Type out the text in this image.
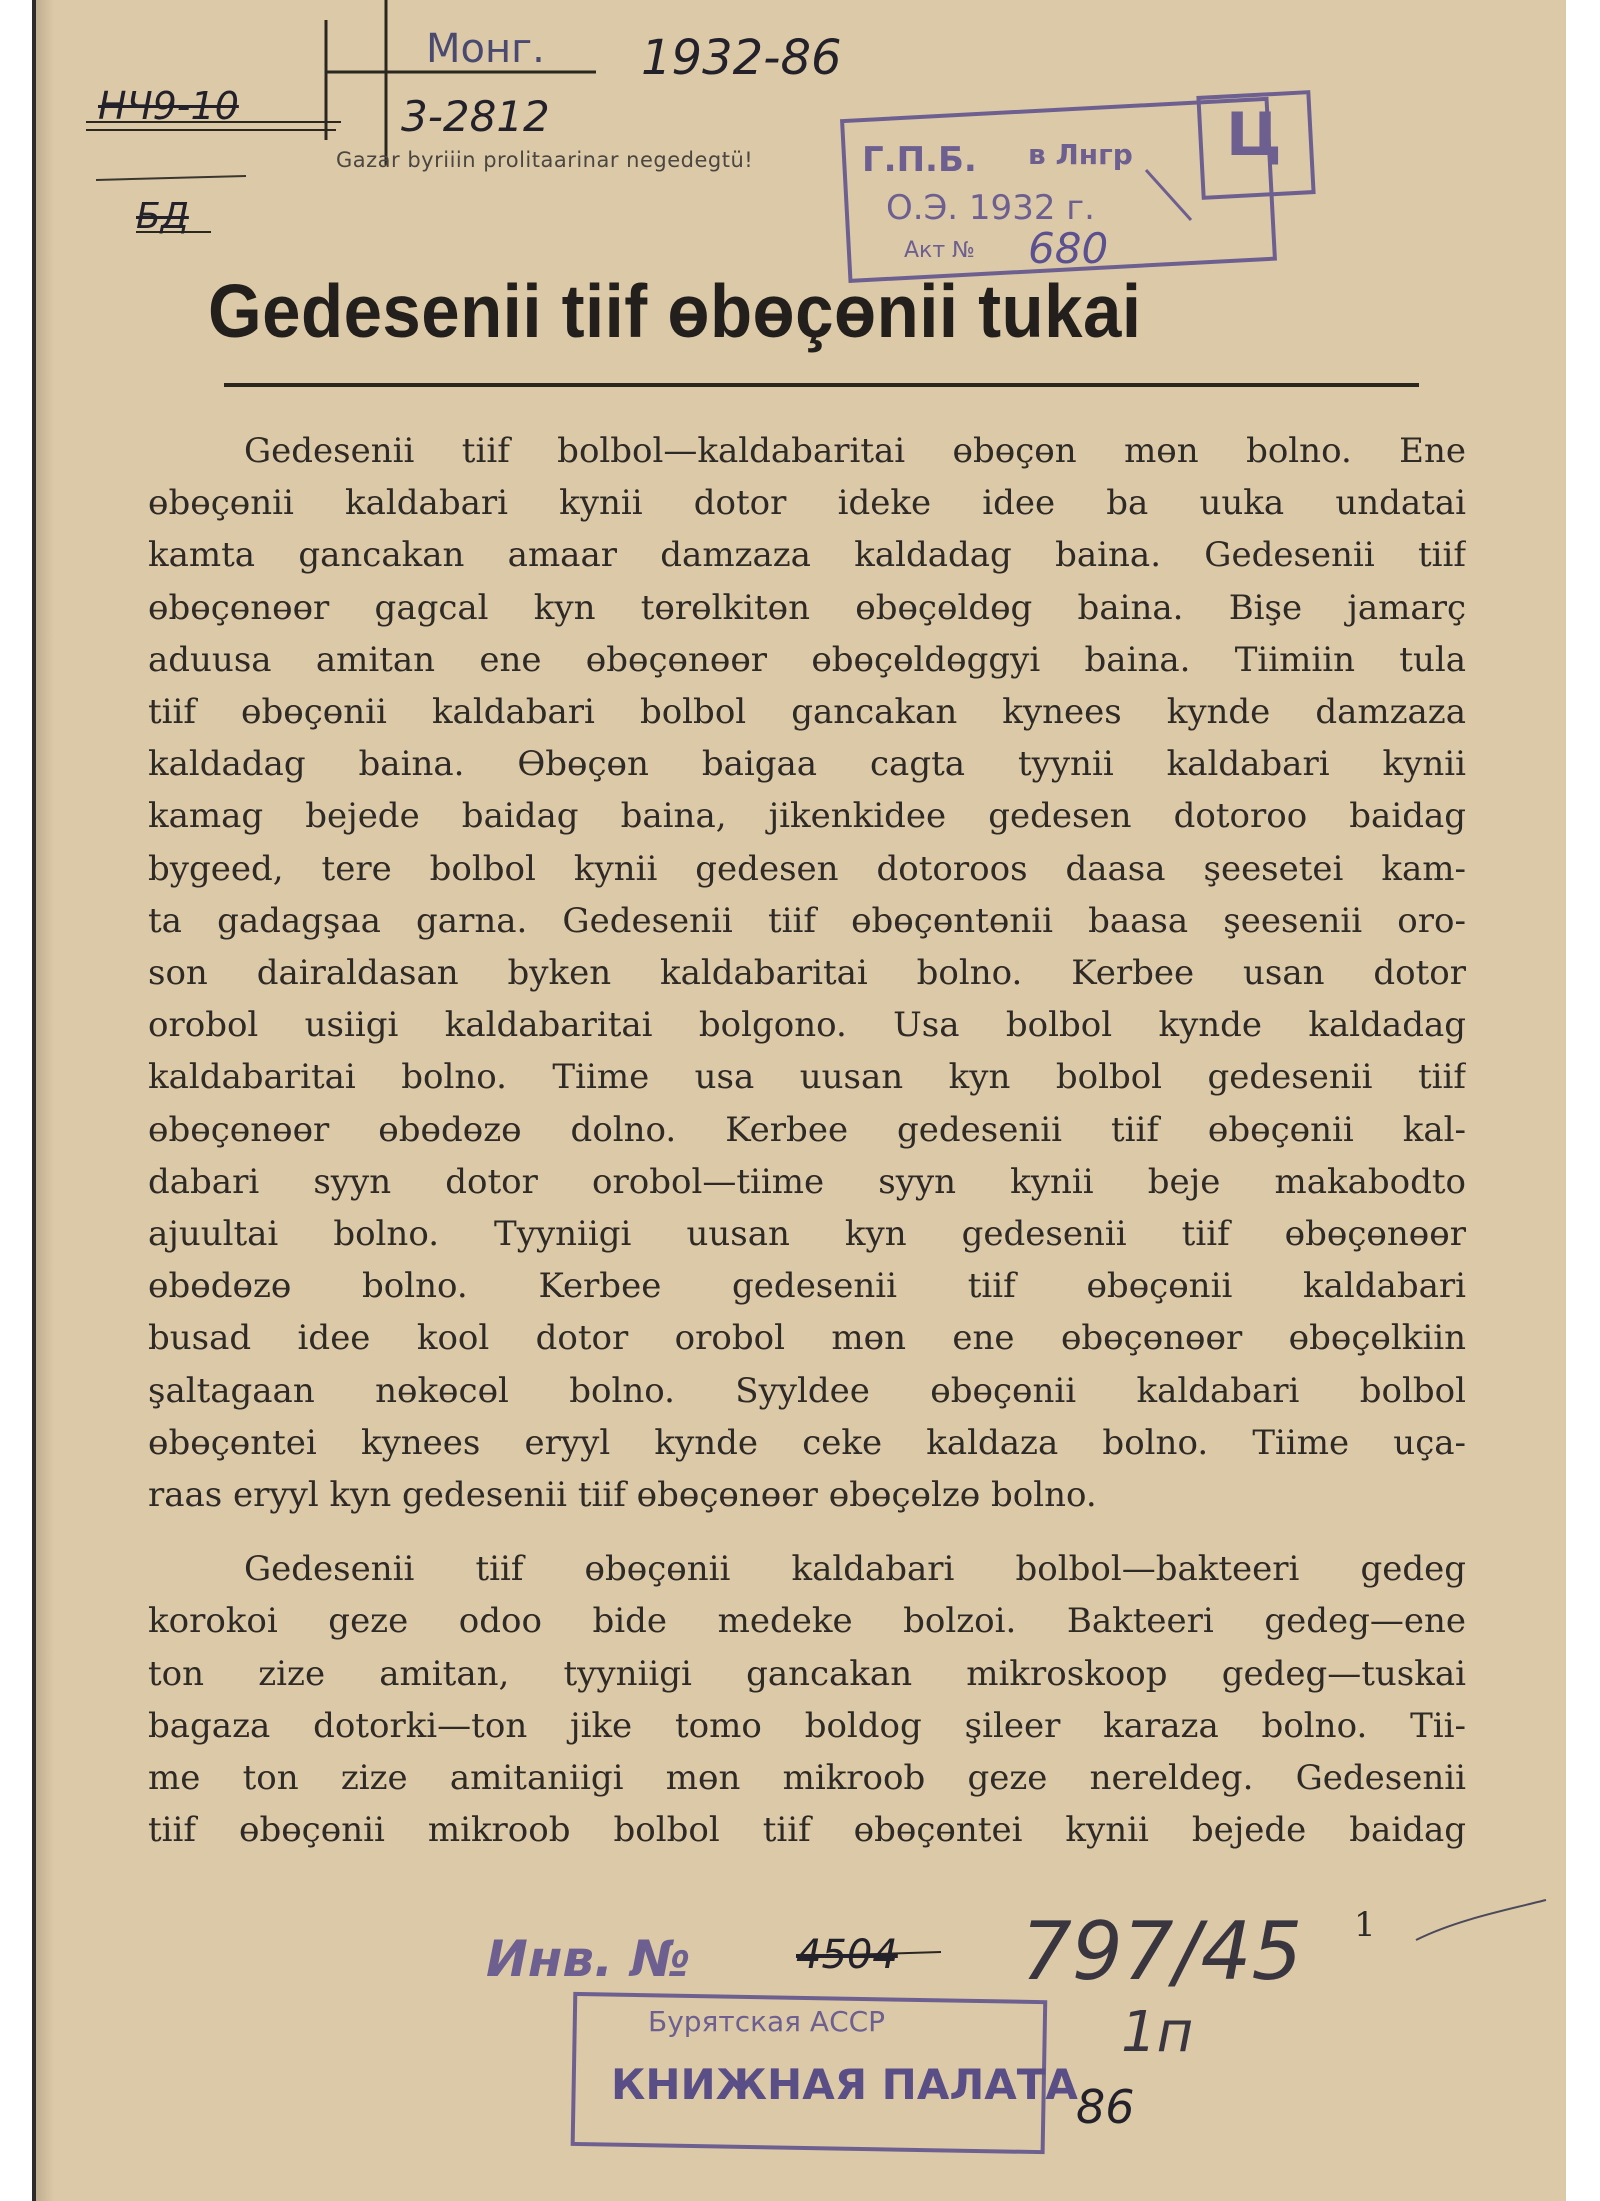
НЧ9-10
Монг. 1932-86
3-2812
БД
Gazar byriiin prolitaarinar negedegtü!	Г.П.Б. в Лнгр
О.Э. 1932 г.
Акт № 680
Ц
Gedesenii tiif ɵbɵçɵnii tukai
Gedesenii tiif bolbol—kaldabaritai ɵbɵçɵn mɵn bolno. Ene
ɵbɵçɵnii kaldabari kynii dotor ideke idee ba uuka undatai
kamta gancakan amaar damzaza kaldadag baina. Gedesenii tiif
ɵbɵçɵnɵɵr gagcal kyn tɵrɵlkitɵn ɵbɵçɵldɵg baina. Bişe jamarç
aduusa amitan ene ɵbɵçɵnɵɵr ɵbɵçɵldɵggyi baina. Tiimiin tula
tiif ɵbɵçɵnii kaldabari bolbol gancakan kynees kynde damzaza
kaldadag baina. Ɵbɵçɵn baigaa cagta tyynii kaldabari kynii
kamag bejede baidag baina, jikenkidee gedesen dotoroo baidag
bygeed, tere bolbol kynii gedesen dotoroos daasa şeesetei kam-
ta gadagşaa garna. Gedesenii tiif ɵbɵçɵntɵnii baasa şeesenii oro-
son dairaldasan byken kaldabaritai bolno. Kerbee usan dotor
orobol usiigi kaldabaritai bolgono. Usa bolbol kynde kaldadag
kaldabaritai bolno. Tiime usa uusan kyn bolbol gedesenii tiif
ɵbɵçɵnɵɵr ɵbɵdɵzɵ dolno. Kerbee gedesenii tiif ɵbɵçɵnii kal-
dabari syyn dotor orobol—tiime syyn kynii beje makabodto
ajuultai bolno. Tyyniigi uusan kyn gedesenii tiif ɵbɵçɵnɵɵr
ɵbɵdɵzɵ bolno. Kerbee gedesenii tiif ɵbɵçɵnii kaldabari
busad idee kool dotor orobol mɵn ene ɵbɵçɵnɵɵr ɵbɵçɵlkiin
şaltagaan nɵkɵcɵl bolno. Syyldee ɵbɵçɵnii kaldabari bolbol
ɵbɵçɵntei kynees eryyl kynde ceke kaldaza bolno. Tiime uça-
raas eryyl kyn gedesenii tiif ɵbɵçɵnɵɵr ɵbɵçɵlzɵ bolno.
Gedesenii tiif ɵbɵçɵnii kaldabari bolbol—bakteeri gedeg
korokoi geze odoo bide medeke bolzoi. Bakteeri gedeg—ene
ton zize amitan, tyyniigi gancakan mikroskoop gedeg—tuskai
bagaza dotorki—ton jike tomo boldog şileer karaza bolno. Tii-
me ton zize amitaniigi mɵn mikroob geze nereldeg. Gedesenii
tiif ɵbɵçɵnii mikroob bolbol tiif ɵbɵçɵntei kynii bejede baidag
1
Инв. №	4504 797/45
Бурятская АССР
КНИЖНАЯ ПАЛАТА
86
1п
